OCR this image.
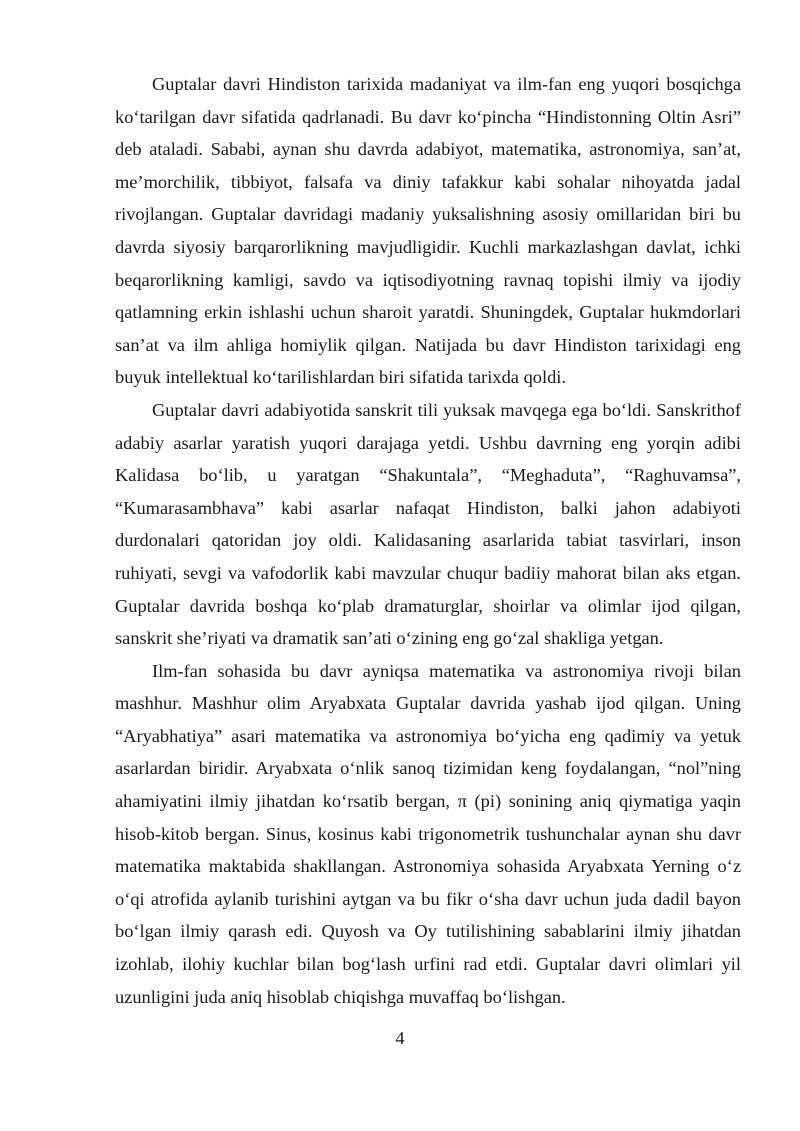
Guptalar davri Hindiston tarixida madaniyat va ilm-fan eng yuqori bosqichga ko‘tarilgan davr sifatida qadrlanadi. Bu davr ko‘pincha “Hindistonning Oltin Asri” deb ataladi. Sababi, aynan shu davrda adabiyot, matematika, astronomiya, san’at, me’morchilik, tibbiyot, falsafa va diniy tafakkur kabi sohalar nihoyatda jadal rivojlangan. Guptalar davridagi madaniy yuksalishning asosiy omillaridan biri bu davrda siyosiy barqarorlikning mavjudligidir. Kuchli markazlashgan davlat, ichki beqarorlikning kamligi, savdo va iqtisodiyotning ravnaq topishi ilmiy va ijodiy qatlamning erkin ishlashi uchun sharoit yaratdi. Shuningdek, Guptalar hukmdorlari san’at va ilm ahliga homiylik qilgan. Natijada bu davr Hindiston tarixidagi eng buyuk intellektual ko‘tarilishlardan biri sifatida tarixda qoldi.

Guptalar davri adabiyotida sanskrit tili yuksak mavqega ega bo‘ldi. Sanskrithof adabiy asarlar yaratish yuqori darajaga yetdi. Ushbu davrning eng yorqin adibi Kalidasa bo‘lib, u yaratgan “Shakuntala”, “Meghaduta”, “Raghuvamsa”, “Kumarasambhava” kabi asarlar nafaqat Hindiston, balki jahon adabiyoti durdonalari qatoridan joy oldi. Kalidasaning asarlarida tabiat tasvirlari, inson ruhiyati, sevgi va vafodorlik kabi mavzular chuqur badiiy mahorat bilan aks etgan. Guptalar davrida boshqa ko‘plab dramaturglar, shoirlar va olimlar ijod qilgan, sanskrit she’riyati va dramatik san’ati o‘zining eng go‘zal shakliga yetgan.

Ilm-fan sohasida bu davr ayniqsa matematika va astronomiya rivoji bilan mashhur. Mashhur olim Aryabxata Guptalar davrida yashab ijod qilgan. Uning “Aryabhatiya” asari matematika va astronomiya bo‘yicha eng qadimiy va yetuk asarlardan biridir. Aryabxata o‘nlik sanoq tizimidan keng foydalangan, “nol”ning ahamiyatini ilmiy jihatdan ko‘rsatib bergan, π (pi) sonining aniq qiymatiga yaqin hisob-kitob bergan. Sinus, kosinus kabi trigonometrik tushunchalar aynan shu davr matematika maktabida shakllangan. Astronomiya sohasida Aryabxata Yerning o‘z o‘qi atrofida aylanib turishini aytgan va bu fikr o‘sha davr uchun juda dadil bayon bo‘lgan ilmiy qarash edi. Quyosh va Oy tutilishining sabablarini ilmiy jihatdan izohlab, ilohiy kuchlar bilan bog‘lash urfini rad etdi. Guptalar davri olimlari yil uzunligini juda aniq hisoblab chiqishga muvaffaq bo‘lishgan.

4
